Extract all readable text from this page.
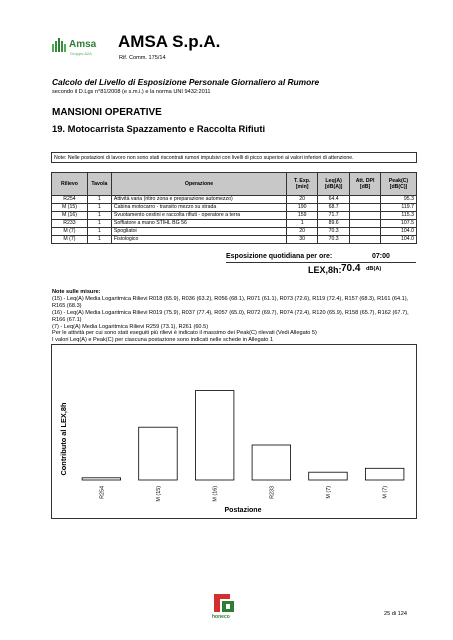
Amsa
Gruppo A2A
AMSA S.p.A.
Rif. Comm. 175/14
Calcolo del Livello di Esposizione Personale Giornaliero al Rumore
secondo il D.Lgs n°81/2008 (e s.m.i.) e la norma UNI 9432:2011
MANSIONI OPERATIVE
19. Motocarrista Spazzamento e Raccolta Rifiuti
Note: Nelle postazioni di lavoro non sono stati riscontrati rumori impulsivi con livelli di picco superiori ai valori inferiori di attenzione.
Rilievo	Tavola	Operazione	T. Exp. [min]	Leq(A) [dB(A)]	Att. DPI [dB]	Peak(C) [dB(C)]
R254	1	Attività varia (ritiro zona e preparazione automezzo)	20	64.4		95.3
M (15)	1	Cabina motocarro - transito mezzo su strada	190	68.7		119.7
M (16)	1	Svuotamento cestini e raccolta rifiuti - operatore a terra	159	71.7		115.3
R233	1	Soffiatore a mano STIHL BG 56	1	89.6		107.5
M (7)	1	Spogliatoi	20	70.3		104.0
M (7)	1	Fisiologico	30	70.3		104.0
Esposizione quotidiana per ore:	07:00
LEX,8h: 70.4 dB(A)
Note sulle misure:
(15) - Leq(A) Media Logaritmica Rilievi R018 (65.9), R036 (63.2), R056 (68.1), R071 (61.1), R073 (72.6), R119 (72.4), R157 (68.3), R161 (64.1), R165 (68.3)
(16) - Leq(A) Media Logaritmica Rilievi R019 (75.9), R037 (77.4), R057 (65.0), R072 (69.7), R074 (72.4), R120 (65.9), R158 (65.7), R162 (67.7), R166 (67.1)
(7) - Leq(A) Media Logaritmica Rilievi R259 (73.1), R261 (60.5)
Per le attività per cui sono stati eseguiti più rilievi è indicato il massimo dei Peak(C) rilevati (Vedi Allegato 5)
I valori Leq(A) e Peak(C) per ciascuna postazione sono indicati nelle schede in Allegato 1
R254	M (15)	M (16)	R233	M (7)	M (7)
Contributo al LEX,8h
Postazione
honeco	25 di 124
